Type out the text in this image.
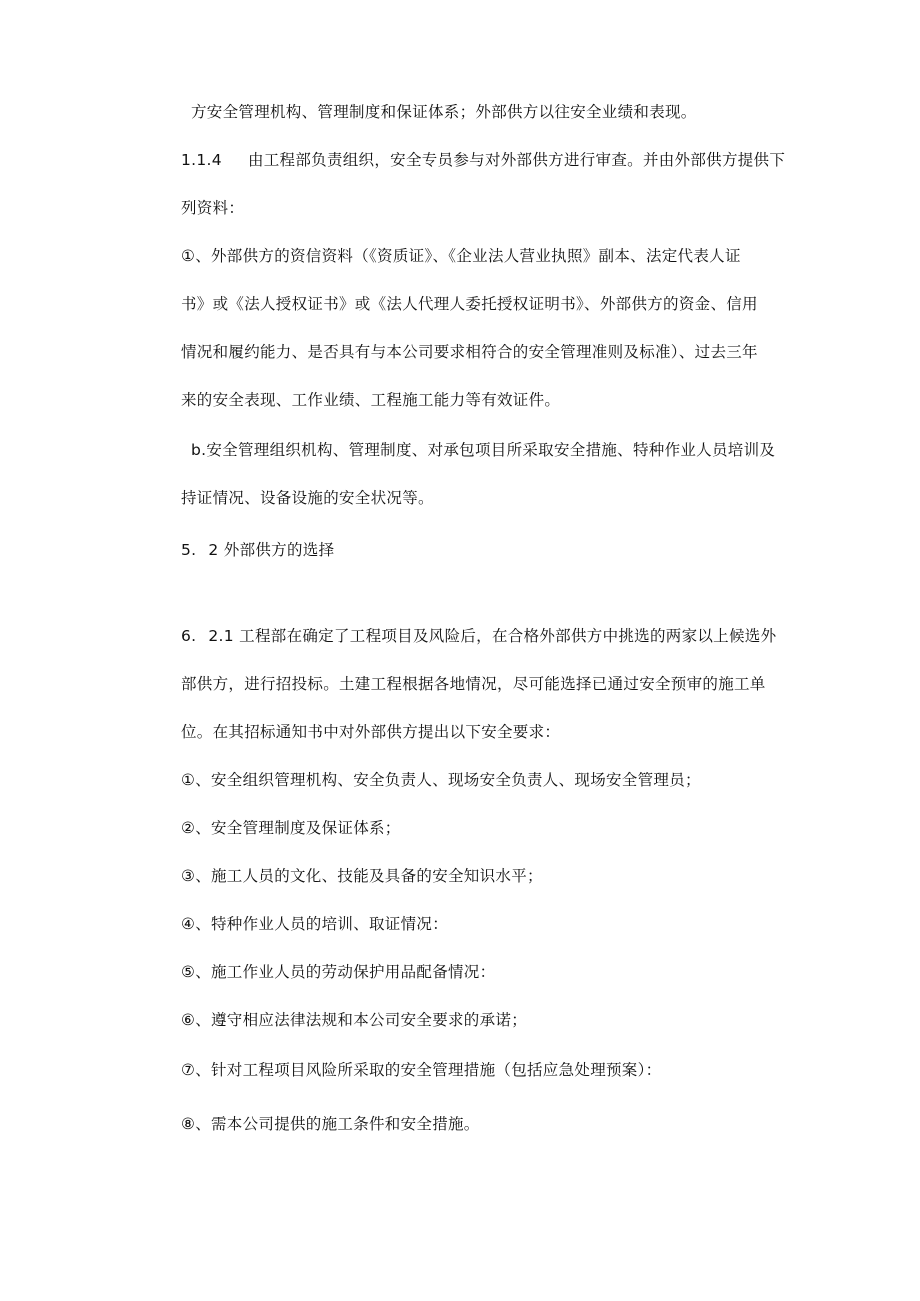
方安全管理机构、管理制度和保证体系；外部供方以往安全业绩和表现。
1.1.4 由工程部负责组织，安全专员参与对外部供方进行审查。并由外部供方提供下
列资料：
①、外部供方的资信资料（《资质证》、《企业法人营业执照》副本、法定代表人证
书》或《法人授权证书》或《法人代理人委托授权证明书》、外部供方的资金、信用
情况和履约能力、是否具有与本公司要求相符合的安全管理准则及标准）、过去三年
来的安全表现、工作业绩、工程施工能力等有效证件。
b.安全管理组织机构、管理制度、对承包项目所采取安全措施、特种作业人员培训及
持证情况、设备设施的安全状况等。
5. 2 外部供方的选择
6. 2.1 工程部在确定了工程项目及风险后，在合格外部供方中挑选的两家以上候选外
部供方，进行招投标。土建工程根据各地情况，尽可能选择已通过安全预审的施工单
位。在其招标通知书中对外部供方提出以下安全要求：
①、安全组织管理机构、安全负责人、现场安全负责人、现场安全管理员；
②、安全管理制度及保证体系；
③、施工人员的文化、技能及具备的安全知识水平；
④、特种作业人员的培训、取证情况：
⑤、施工作业人员的劳动保护用品配备情况：
⑥、遵守相应法律法规和本公司安全要求的承诺；
⑦、针对工程项目风险所采取的安全管理措施（包括应急处理预案）：
⑧、需本公司提供的施工条件和安全措施。
